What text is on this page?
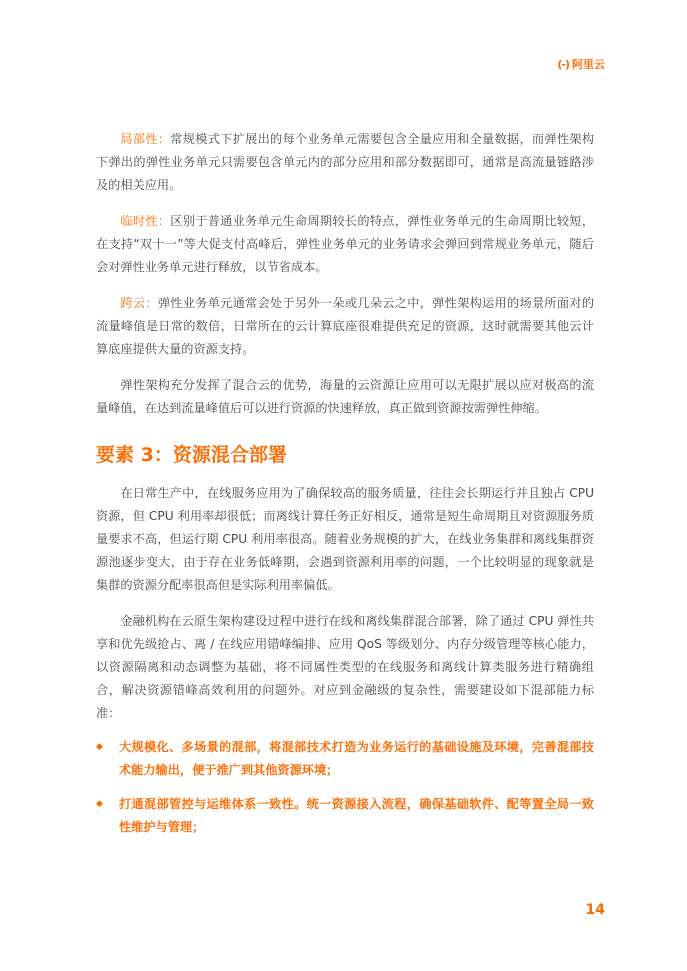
(-) 阿里云

局部性：常规模式下扩展出的每个业务单元需要包含全量应用和全量数据，而弹性架构下弹出的弹性业务单元只需要包含单元内的部分应用和部分数据即可，通常是高流量链路涉及的相关应用。

临时性：区别于普通业务单元生命周期较长的特点，弹性业务单元的生命周期比较短，在支持“双十一”等大促支付高峰后，弹性业务单元的业务请求会弹回到常规业务单元，随后会对弹性业务单元进行释放，以节省成本。

跨云：弹性业务单元通常会处于另外一朵或几朵云之中，弹性架构运用的场景所面对的流量峰值是日常的数倍，日常所在的云计算底座很难提供充足的资源，这时就需要其他云计算底座提供大量的资源支持。

弹性架构充分发挥了混合云的优势，海量的云资源让应用可以无限扩展以应对极高的流量峰值，在达到流量峰值后可以进行资源的快速释放，真正做到资源按需弹性伸缩。

要素 3：资源混合部署

在日常生产中，在线服务应用为了确保较高的服务质量，往往会长期运行并且独占 CPU 资源，但 CPU 利用率却很低；而离线计算任务正好相反，通常是短生命周期且对资源服务质量要求不高，但运行期 CPU 利用率很高。随着业务规模的扩大，在线业务集群和离线集群资源池逐步变大，由于存在业务低峰期，会遇到资源利用率的问题，一个比较明显的现象就是集群的资源分配率很高但是实际利用率偏低。

金融机构在云原生架构建设过程中进行在线和离线集群混合部署，除了通过 CPU 弹性共享和优先级抢占、离 / 在线应用错峰编排、应用 QoS 等级划分、内存分级管理等核心能力，以资源隔离和动态调整为基础，将不同属性类型的在线服务和离线计算类服务进行精确组合，解决资源错峰高效利用的问题外。对应到金融级的复杂性，需要建设如下混部能力标准：

◆	大规模化、多场景的混部，将混部技术打造为业务运行的基础设施及环境，完善混部技术能力输出，便于推广到其他资源环境；
◆	打通混部管控与运维体系一致性。统一资源接入流程，确保基础软件、配等置全局一致性维护与管理；
14
